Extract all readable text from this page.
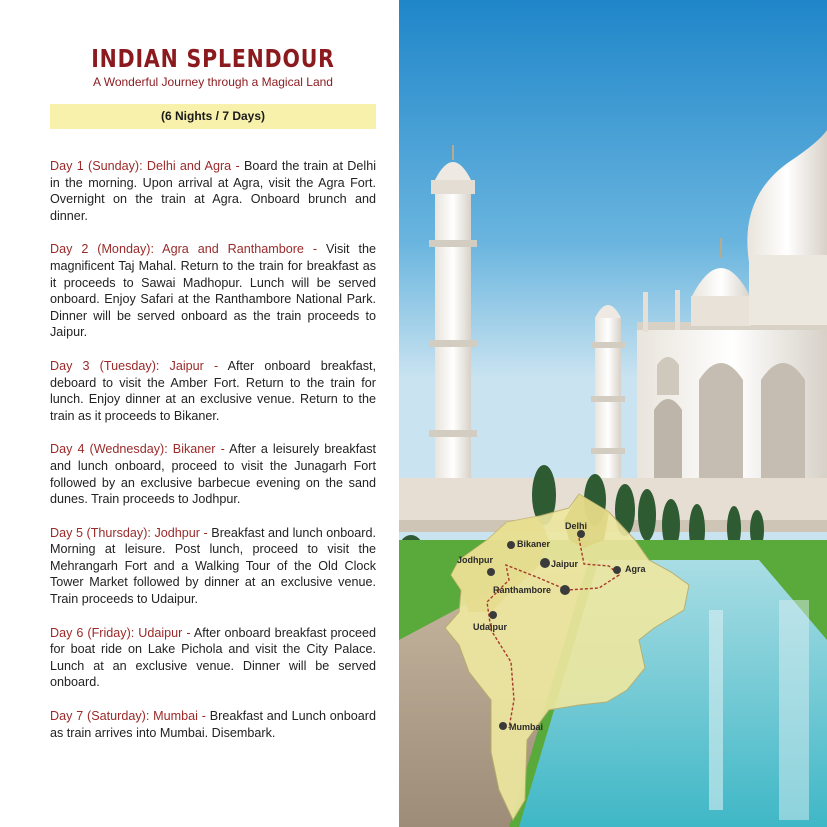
INDIAN SPLENDOUR
A Wonderful Journey through a Magical Land
(6 Nights / 7 Days)

Day 1 (Sunday): Delhi and Agra - Board the train at Delhi in the morning. Upon arrival at Agra, visit the Agra Fort. Overnight on the train at Agra. Onboard brunch and dinner.

Day 2 (Monday): Agra and Ranthambore - Visit the magnificent Taj Mahal. Return to the train for breakfast as it proceeds to Sawai Madhopur. Lunch will be served onboard. Enjoy Safari at the Ranthambore National Park. Dinner will be served onboard as the train proceeds to Jaipur.

Day 3 (Tuesday): Jaipur - After onboard breakfast, deboard to visit the Amber Fort. Return to the train for lunch. Enjoy dinner at an exclusive venue. Return to the train as it proceeds to Bikaner.

Day 4 (Wednesday): Bikaner - After a leisurely breakfast and lunch onboard, proceed to visit the Junagarh Fort followed by an exclusive barbecue evening on the sand dunes. Train proceeds to Jodhpur.

Day 5 (Thursday): Jodhpur - Breakfast and lunch onboard. Morning at leisure. Post lunch, proceed to visit the Mehrangarh Fort and a Walking Tour of the Old Clock Tower Market followed by dinner at an exclusive venue. Train proceeds to Udaipur.

Day 6 (Friday): Udaipur - After onboard breakfast proceed for boat ride on Lake Pichola and visit the City Palace. Lunch at an exclusive venue. Dinner will be served onboard.

Day 7 (Saturday): Mumbai - Breakfast and Lunch onboard as train arrives into Mumbai. Disembark.

Delhi
Bikaner
Jodhpur	Jaipur	Agra
Ranthambore
Udaipur
Mumbai
